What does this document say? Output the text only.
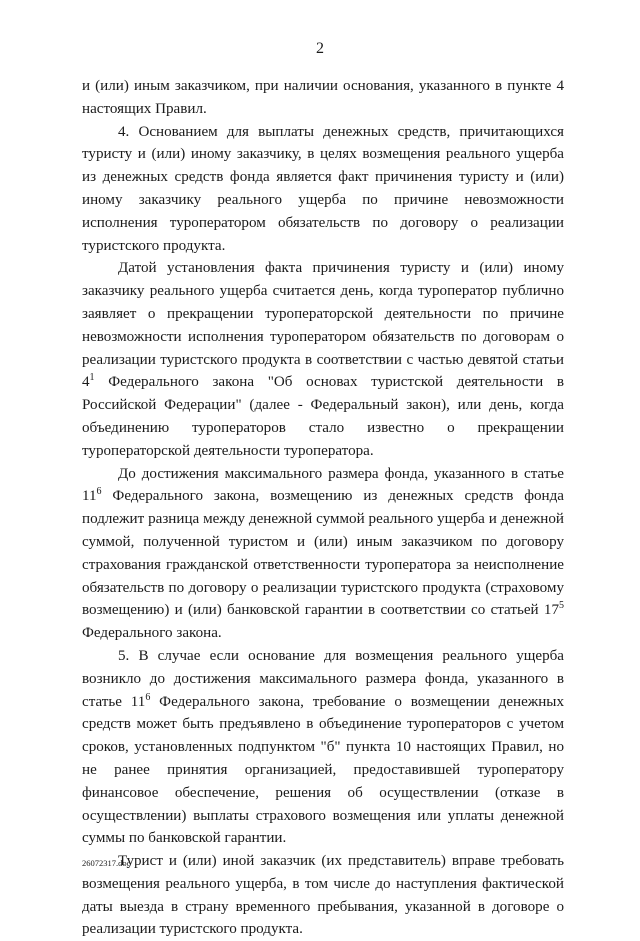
2

и (или) иным заказчиком, при наличии основания, указанного в пункте 4 настоящих Правил.

4. Основанием для выплаты денежных средств, причитающихся туристу и (или) иному заказчику, в целях возмещения реального ущерба из денежных средств фонда является факт причинения туристу и (или) иному заказчику реального ущерба по причине невозможности исполнения туроператором обязательств по договору о реализации туристского продукта.

Датой установления факта причинения туристу и (или) иному заказчику реального ущерба считается день, когда туроператор публично заявляет о прекращении туроператорской деятельности по причине невозможности исполнения туроператором обязательств по договорам о реализации туристского продукта в соответствии с частью девятой статьи $4^1$ Федерального закона "Об основах туристской деятельности в Российской Федерации" (далее - Федеральный закон), или день, когда объединению туроператоров стало известно о прекращении туроператорской деятельности туроператора.

До достижения максимального размера фонда, указанного в статье $11^6$ Федерального закона, возмещению из денежных средств фонда подлежит разница между денежной суммой реального ущерба и денежной суммой, полученной туристом и (или) иным заказчиком по договору страхования гражданской ответственности туроператора за неисполнение обязательств по договору о реализации туристского продукта (страховому возмещению) и (или) банковской гарантии в соответствии со статьей $17^5$ Федерального закона.

5. В случае если основание для возмещения реального ущерба возникло до достижения максимального размера фонда, указанного в статье $11^6$ Федерального закона, требование о возмещении денежных средств может быть предъявлено в объединение туроператоров с учетом сроков, установленных подпунктом "б" пункта 10 настоящих Правил, но не ранее принятия организацией, предоставившей туроператору финансовое обеспечение, решения об осуществлении (отказе в осуществлении) выплаты страхового возмещения или уплаты денежной суммы по банковской гарантии.

Турист и (или) иной заказчик (их представитель) вправе требовать возмещения реального ущерба, в том числе до наступления фактической даты выезда в страну временного пребывания, указанной в договоре о реализации туристского продукта.

26072317.doc
